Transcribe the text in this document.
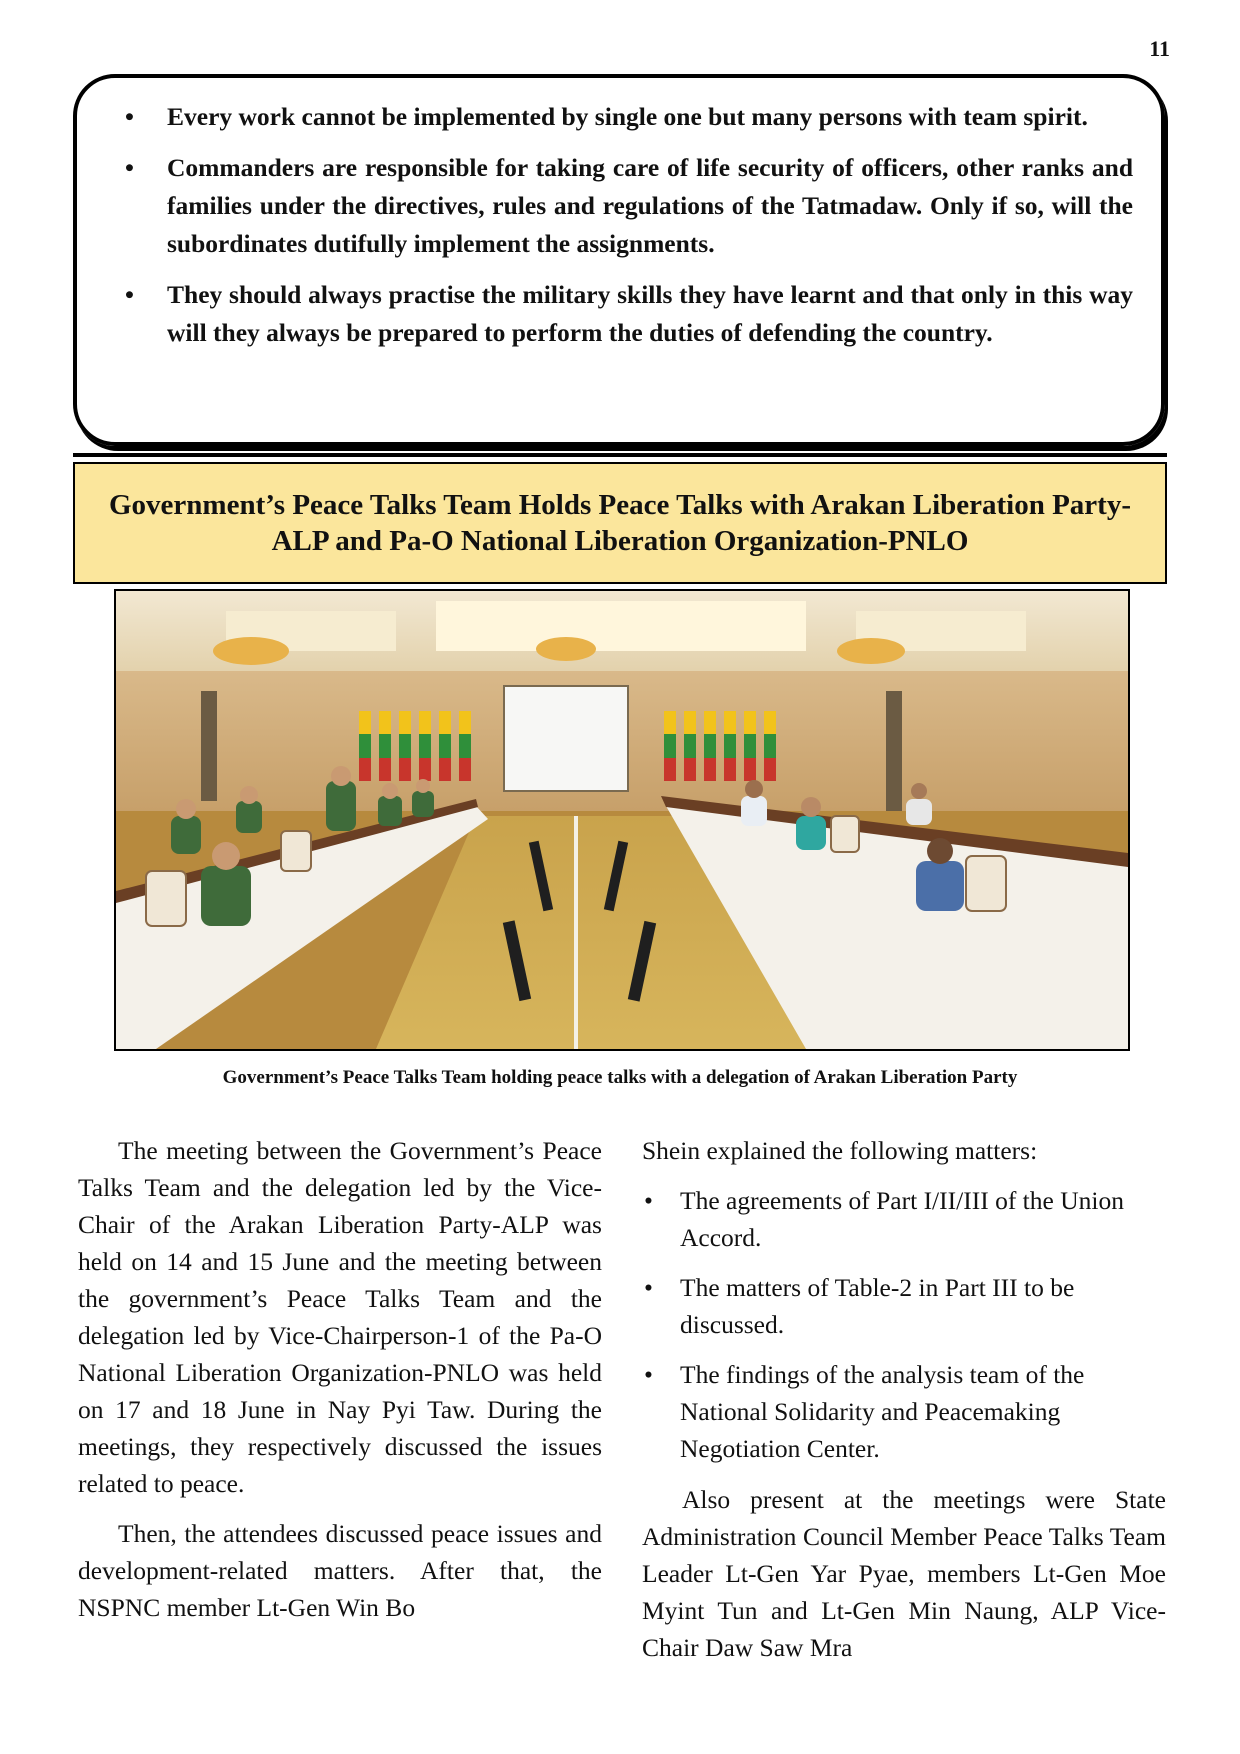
11
• Every work cannot be implemented by single one but many persons with team spirit.
• Commanders are responsible for taking care of life security of officers, other ranks and families under the directives, rules and regulations of the Tatmadaw. Only if so, will the subordinates dutifully implement the assignments.
• They should always practise the military skills they have learnt and that only in this way will they always be prepared to perform the duties of defending the country.
Government’s Peace Talks Team Holds Peace Talks with Arakan Liberation Party-ALP and Pa-O National Liberation Organization-PNLO
Government’s Peace Talks Team holding peace talks with a delegation of Arakan Liberation Party

The meeting between the Government’s Peace Talks Team and the delegation led by the Vice-Chair of the Arakan Liberation Party-ALP was held on 14 and 15 June and the meeting between the government’s Peace Talks Team and the delegation led by Vice-Chairperson-1 of the Pa-O National Liberation Organization-PNLO was held on 17 and 18 June in Nay Pyi Taw. During the meetings, they respectively discussed the issues related to peace.

Then, the attendees discussed peace issues and development-related matters. After that, the NSPNC member Lt-Gen Win Bo

Shein explained the following matters:

• The agreements of Part I/II/III of the Union Accord.
• The matters of Table-2 in Part III to be discussed.
• The findings of the analysis team of the National Solidarity and Peacemaking Negotiation Center.

Also present at the meetings were State Administration Council Member Peace Talks Team Leader Lt-Gen Yar Pyae, members Lt-Gen Moe Myint Tun and Lt-Gen Min Naung, ALP Vice-Chair Daw Saw Mra
